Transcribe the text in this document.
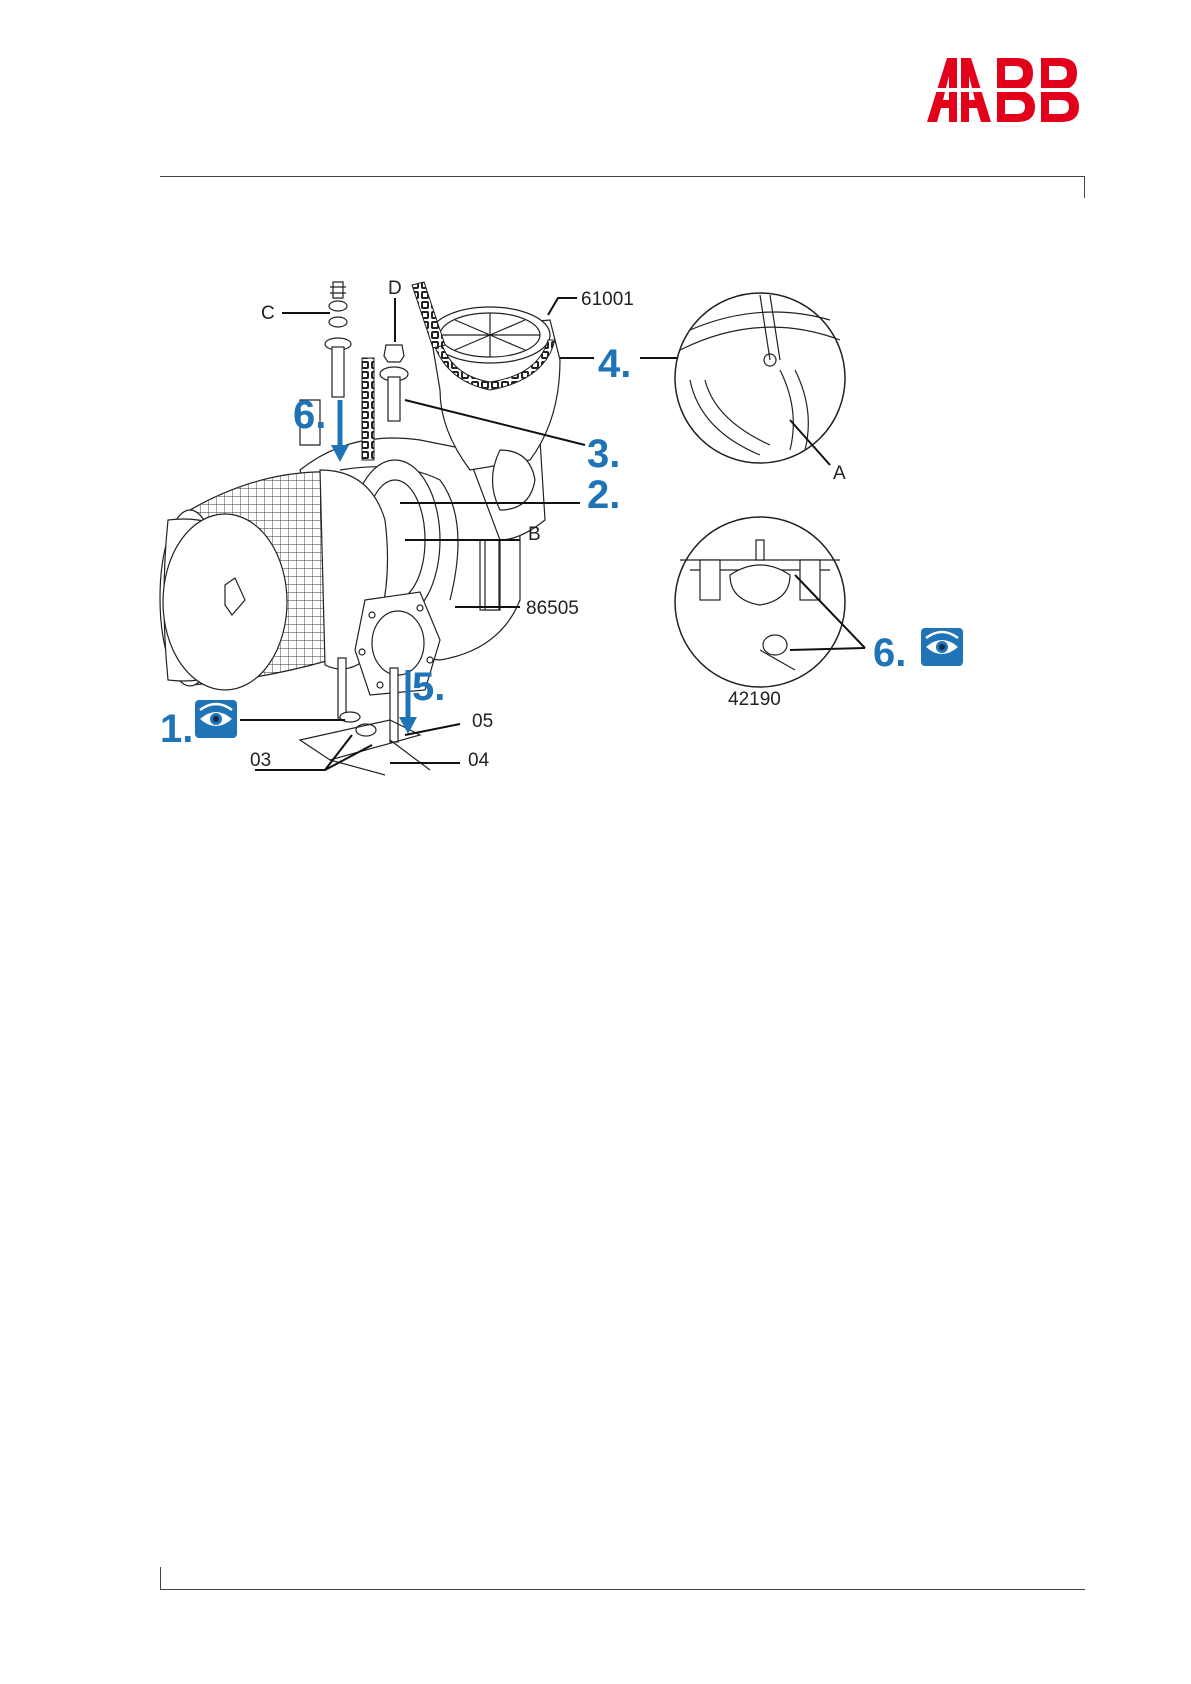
C
D
61001
B
86505
05
03	04
A
42190
1.
2.
3.
4.
5.
6.
6.
